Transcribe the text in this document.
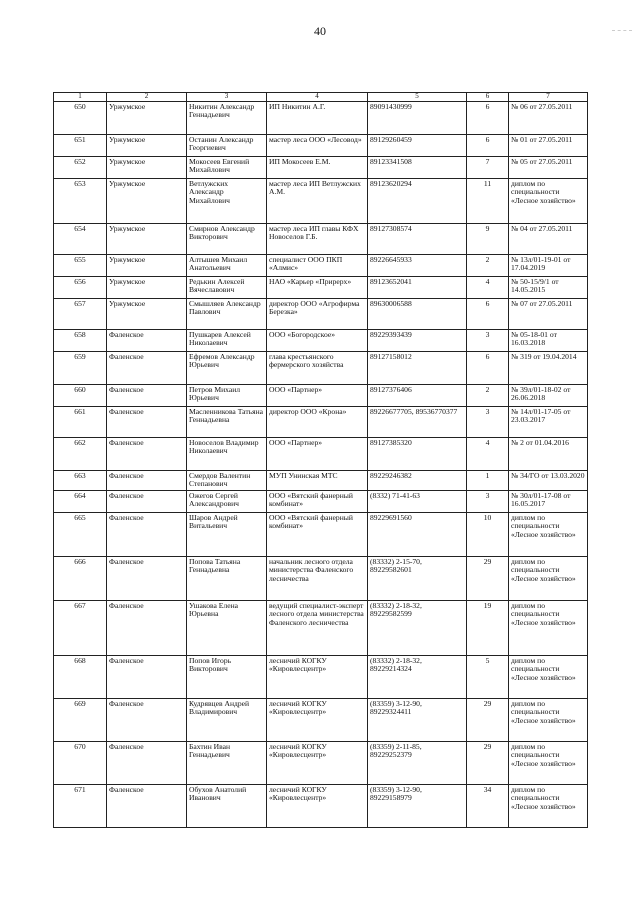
40
1	2	3	4	5	6	7
650	Уржумское	Никитин Александр Геннадьевич	ИП Никитин А.Г.	89091430999	6	№ 06 от 27.05.2011
651	Уржумское	Останин Александр Георгиевич	мастер леса ООО «Лесовод»	89129260459	6	№ 01 от 27.05.2011
652	Уржумское	Мокосеев Евгений Михайлович	ИП Мокосеев Е.М.	89123341508	7	№ 05 от 27.05.2011
653	Уржумское	Ветлужских Александр Михайлович	мастер леса ИП Ветлужских А.М.	89123620294	11	диплом по специальности «Лесное хозяйство»
654	Уржумское	Смирнов Александр Викторович	мастер леса ИП главы КФХ Новоселов Г.Б.	89127308574	9	№ 04 от 27.05.2011
655	Уржумское	Алтышев Михаил Анатольевич	специалист ООО ПКП «Алмис»	89226645933	2	№ 13л/01-19-01 от 17.04.2019
656	Уржумское	Редькин Алексей Вячеславович	НАО «Карьер «Прирерх»	89123652041	4	№ 50-15/9/1 от 14.05.2015
657	Уржумское	Смышляев Александр Павлович	директор ООО «Агрофирма Березка»	89630006588	6	№ 07 от 27.05.2011
658	Фаленское	Пушкарев Алексей Николаевич	ООО «Богородское»	89229393439	3	№ 05-18-01 от 16.03.2018
659	Фаленское	Ефремов Александр Юрьевич	глава крестьянского фермерского хозяйства	89127158012	6	№ 319 от 19.04.2014
660	Фаленское	Петров Михаил Юрьевич	ООО «Партнер»	89127376406	2	№ 39л/01-18-02 от 26.06.2018
661	Фаленское	Масленникова Татьяна Геннадьевна	директор ООО «Крона»	89226677705, 89536770377	3	№ 14л/01-17-05 от 23.03.2017
662	Фаленское	Новоселов Владимир Николаевич	ООО «Партнер»	89127385320	4	№ 2 от 01.04.2016
663	Фаленское	Смердов Валентин Степанович	МУП Унинская МТС	89229246382	1	№ 34/ГО от 13.03.2020
664	Фаленское	Ожегов Сергей Александрович	ООО «Вятский фанерный комбинат»	(8332) 71-41-63	3	№ 30л/01-17-08 от 16.05.2017
665	Фаленское	Шаров Андрей Витальевич	ООО «Вятский фанерный комбинат»	89229691560	10	диплом по специальности «Лесное хозяйство»
666	Фаленское	Попова Татьяна Геннадьевна	начальник лесного отдела министерства Фаленского лесничества	(83332) 2-15-70, 89229582601	29	диплом по специальности «Лесное хозяйство»
667	Фаленское	Ушакова Елена Юрьевна	ведущий специалист-эксперт лесного отдела министерства Фаленского лесничества	(83332) 2-18-32, 89229582599	19	диплом по специальности «Лесное хозяйство»
668	Фаленское	Попов Игорь Викторович	лесничий КОГКУ «Кировлесцентр»	(83332) 2-18-32, 89229214324	5	диплом по специальности «Лесное хозяйство»
669	Фаленское	Кудрявцев Андрей Владимирович	лесничий КОГКУ «Кировлесцентр»	(83359) 3-12-90, 89229324411	29	диплом по специальности «Лесное хозяйство»
670	Фаленское	Бахтин Иван Геннадьевич	лесничий КОГКУ «Кировлесцентр»	(83359) 2-11-85, 89229252379	29	диплом по специальности «Лесное хозяйство»
671	Фаленское	Обухов Анатолий Иванович	лесничий КОГКУ «Кировлесцентр»	(83359) 3-12-90, 89229158979	34	диплом по специальности «Лесное хозяйство»
